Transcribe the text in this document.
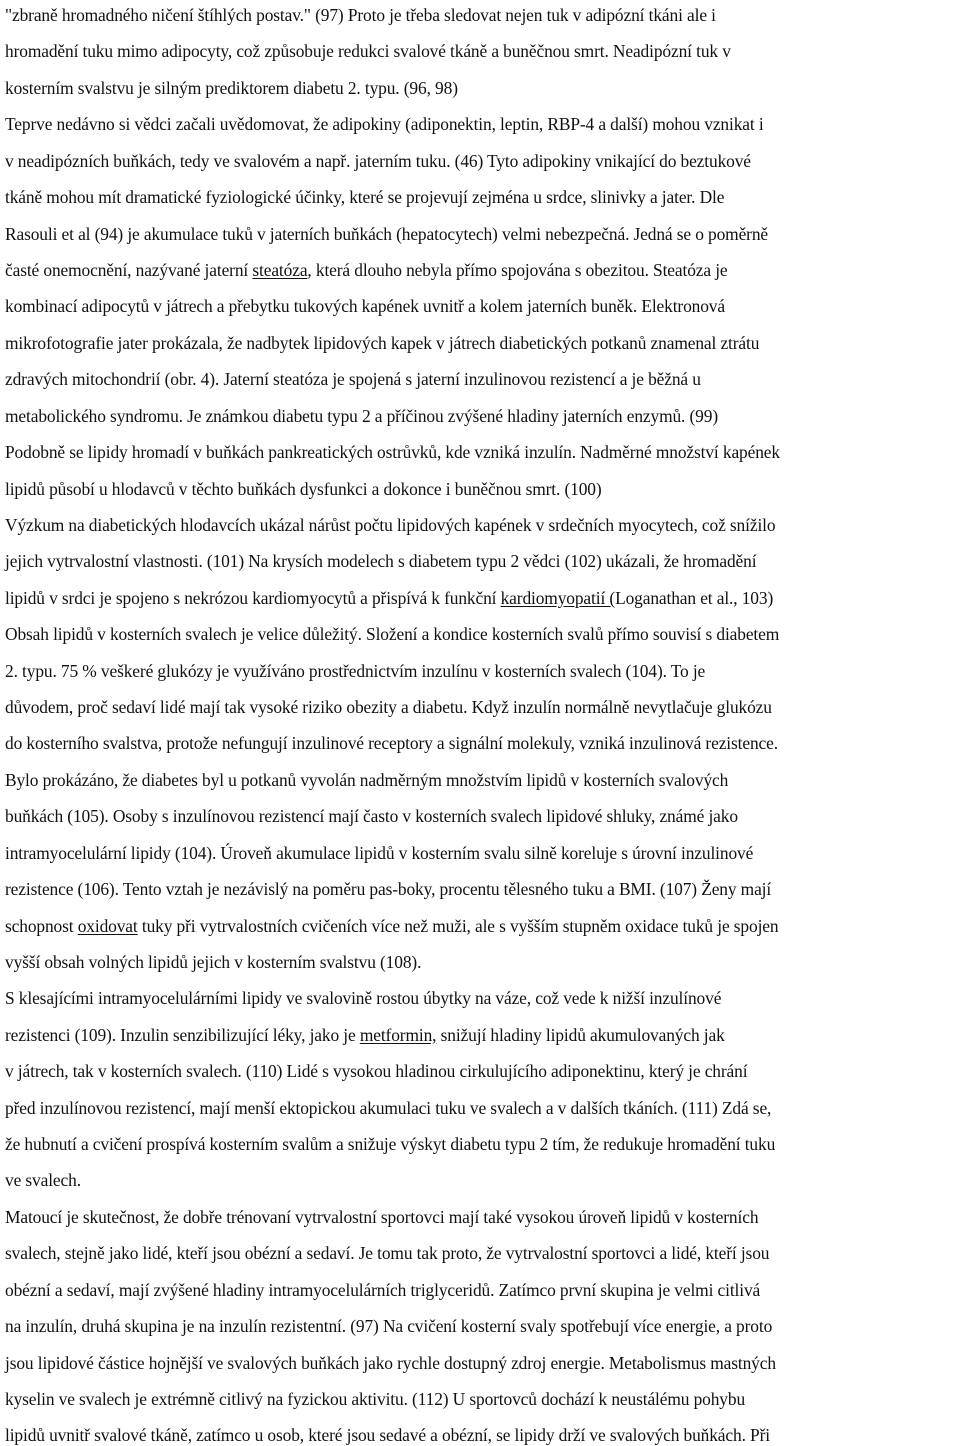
"zbraně hromadného ničení štíhlých postav." (97) Proto je třeba sledovat nejen tuk v adipózní tkáni ale i
hromadění tuku mimo adipocyty, což způsobuje redukci svalové tkáně a buněčnou smrt. Neadipózní tuk v
kosterním svalstvu je silným prediktorem diabetu 2. typu. (96, 98)
Teprve nedávno si vědci začali uvědomovat, že adipokiny (adiponektin, leptin, RBP-4 a další) mohou vznikat i
v neadipózních buňkách, tedy ve svalovém a např. jaterním tuku. (46) Tyto adipokiny vnikající do beztukové
tkáně mohou mít dramatické fyziologické účinky, které se projevují zejména u srdce, slinivky a jater. Dle
Rasouli et al (94) je akumulace tuků v jaterních buňkách (hepatocytech) velmi nebezpečná. Jedná se o poměrně
časté onemocnění, nazývané jaterní steatóza, která dlouho nebyla přímo spojována s obezitou. Steatóza je
kombinací adipocytů v játrech a přebytku tukových kapének uvnitř a kolem jaterních buněk. Elektronová
mikrofotografie jater prokázala, že nadbytek lipidových kapek v játrech diabetických potkanů znamenal ztrátu
zdravých mitochondrií (obr. 4). Jaterní steatóza je spojená s jaterní inzulinovou rezistencí a je běžná u
metabolického syndromu. Je známkou diabetu typu 2 a příčinou zvýšené hladiny jaterních enzymů. (99)
Podobně se lipidy hromadí v buňkách pankreatických ostrůvků, kde vzniká inzulín. Nadměrné množství kapének
lipidů působí u hlodavců v těchto buňkách dysfunkci a dokonce i buněčnou smrt. (100)
Výzkum na diabetických hlodavcích ukázal nárůst počtu lipidových kapének v srdečních myocytech, což snížilo
jejich vytrvalostní vlastnosti. (101) Na krysích modelech s diabetem typu 2 vědci (102) ukázali, že hromadění
lipidů v srdci je spojeno s nekrózou kardiomyocytů a přispívá k funkční kardiomyopatií (Loganathan et al., 103)
Obsah lipidů v kosterních svalech je velice důležitý. Složení a kondice kosterních svalů přímo souvisí s diabetem
2. typu. 75 % veškeré glukózy je využíváno prostřednictvím inzulínu v kosterních svalech (104). To je
důvodem, proč sedaví lidé mají tak vysoké riziko obezity a diabetu. Když inzulín normálně nevytlačuje glukózu
do kosterního svalstva, protože nefungují inzulinové receptory a signální molekuly, vzniká inzulinová rezistence.
Bylo prokázáno, že diabetes byl u potkanů vyvolán nadměrným množstvím lipidů v kosterních svalových
buňkách (105). Osoby s inzulínovou rezistencí mají často v kosterních svalech lipidové shluky, známé jako
intramyocelulární lipidy (104). Úroveň akumulace lipidů v kosterním svalu silně koreluje s úrovní inzulinové
rezistence (106). Tento vztah je nezávislý na poměru pas-boky, procentu tělesného tuku a BMI. (107) Ženy mají
schopnost oxidovat tuky při vytrvalostních cvičeních více než muži, ale s vyšším stupněm oxidace tuků je spojen
vyšší obsah volných lipidů jejich v kosterním svalstvu (108).
S klesajícími intramyocelulárními lipidy ve svalovině rostou úbytky na váze, což vede k nižší inzulínové
rezistenci (109). Inzulin senzibilizující léky, jako je metformin, snižují hladiny lipidů akumulovaných jak
v játrech, tak v kosterních svalech. (110) Lidé s vysokou hladinou cirkulujícího adiponektinu, který je chrání
před inzulínovou rezistencí, mají menší ektopickou akumulaci tuku ve svalech a v dalších tkáních. (111) Zdá se,
že hubnutí a cvičení prospívá kosterním svalům a snižuje výskyt diabetu typu 2 tím, že redukuje hromadění tuku
ve svalech.
Matoucí je skutečnost, že dobře trénovaní vytrvalostní sportovci mají také vysokou úroveň lipidů v kosterních
svalech, stejně jako lidé, kteří jsou obézní a sedaví. Je tomu tak proto, že vytrvalostní sportovci a lidé, kteří jsou
obézní a sedaví, mají zvýšené hladiny intramyocelulárních triglyceridů. Zatímco první skupina je velmi citlivá
na inzulín, druhá skupina je na inzulín rezistentní. (97) Na cvičení kosterní svaly spotřebují více energie, a proto
jsou lipidové částice hojnější ve svalových buňkách jako rychle dostupný zdroj energie. Metabolismus mastných
kyselin ve svalech je extrémně citlivý na fyzickou aktivitu. (112) U sportovců dochází k neustálému pohybu
lipidů uvnitř svalové tkáně, zatímco u osob, které jsou sedavé a obézní, se lipidy drží ve svalových buňkách. Při
